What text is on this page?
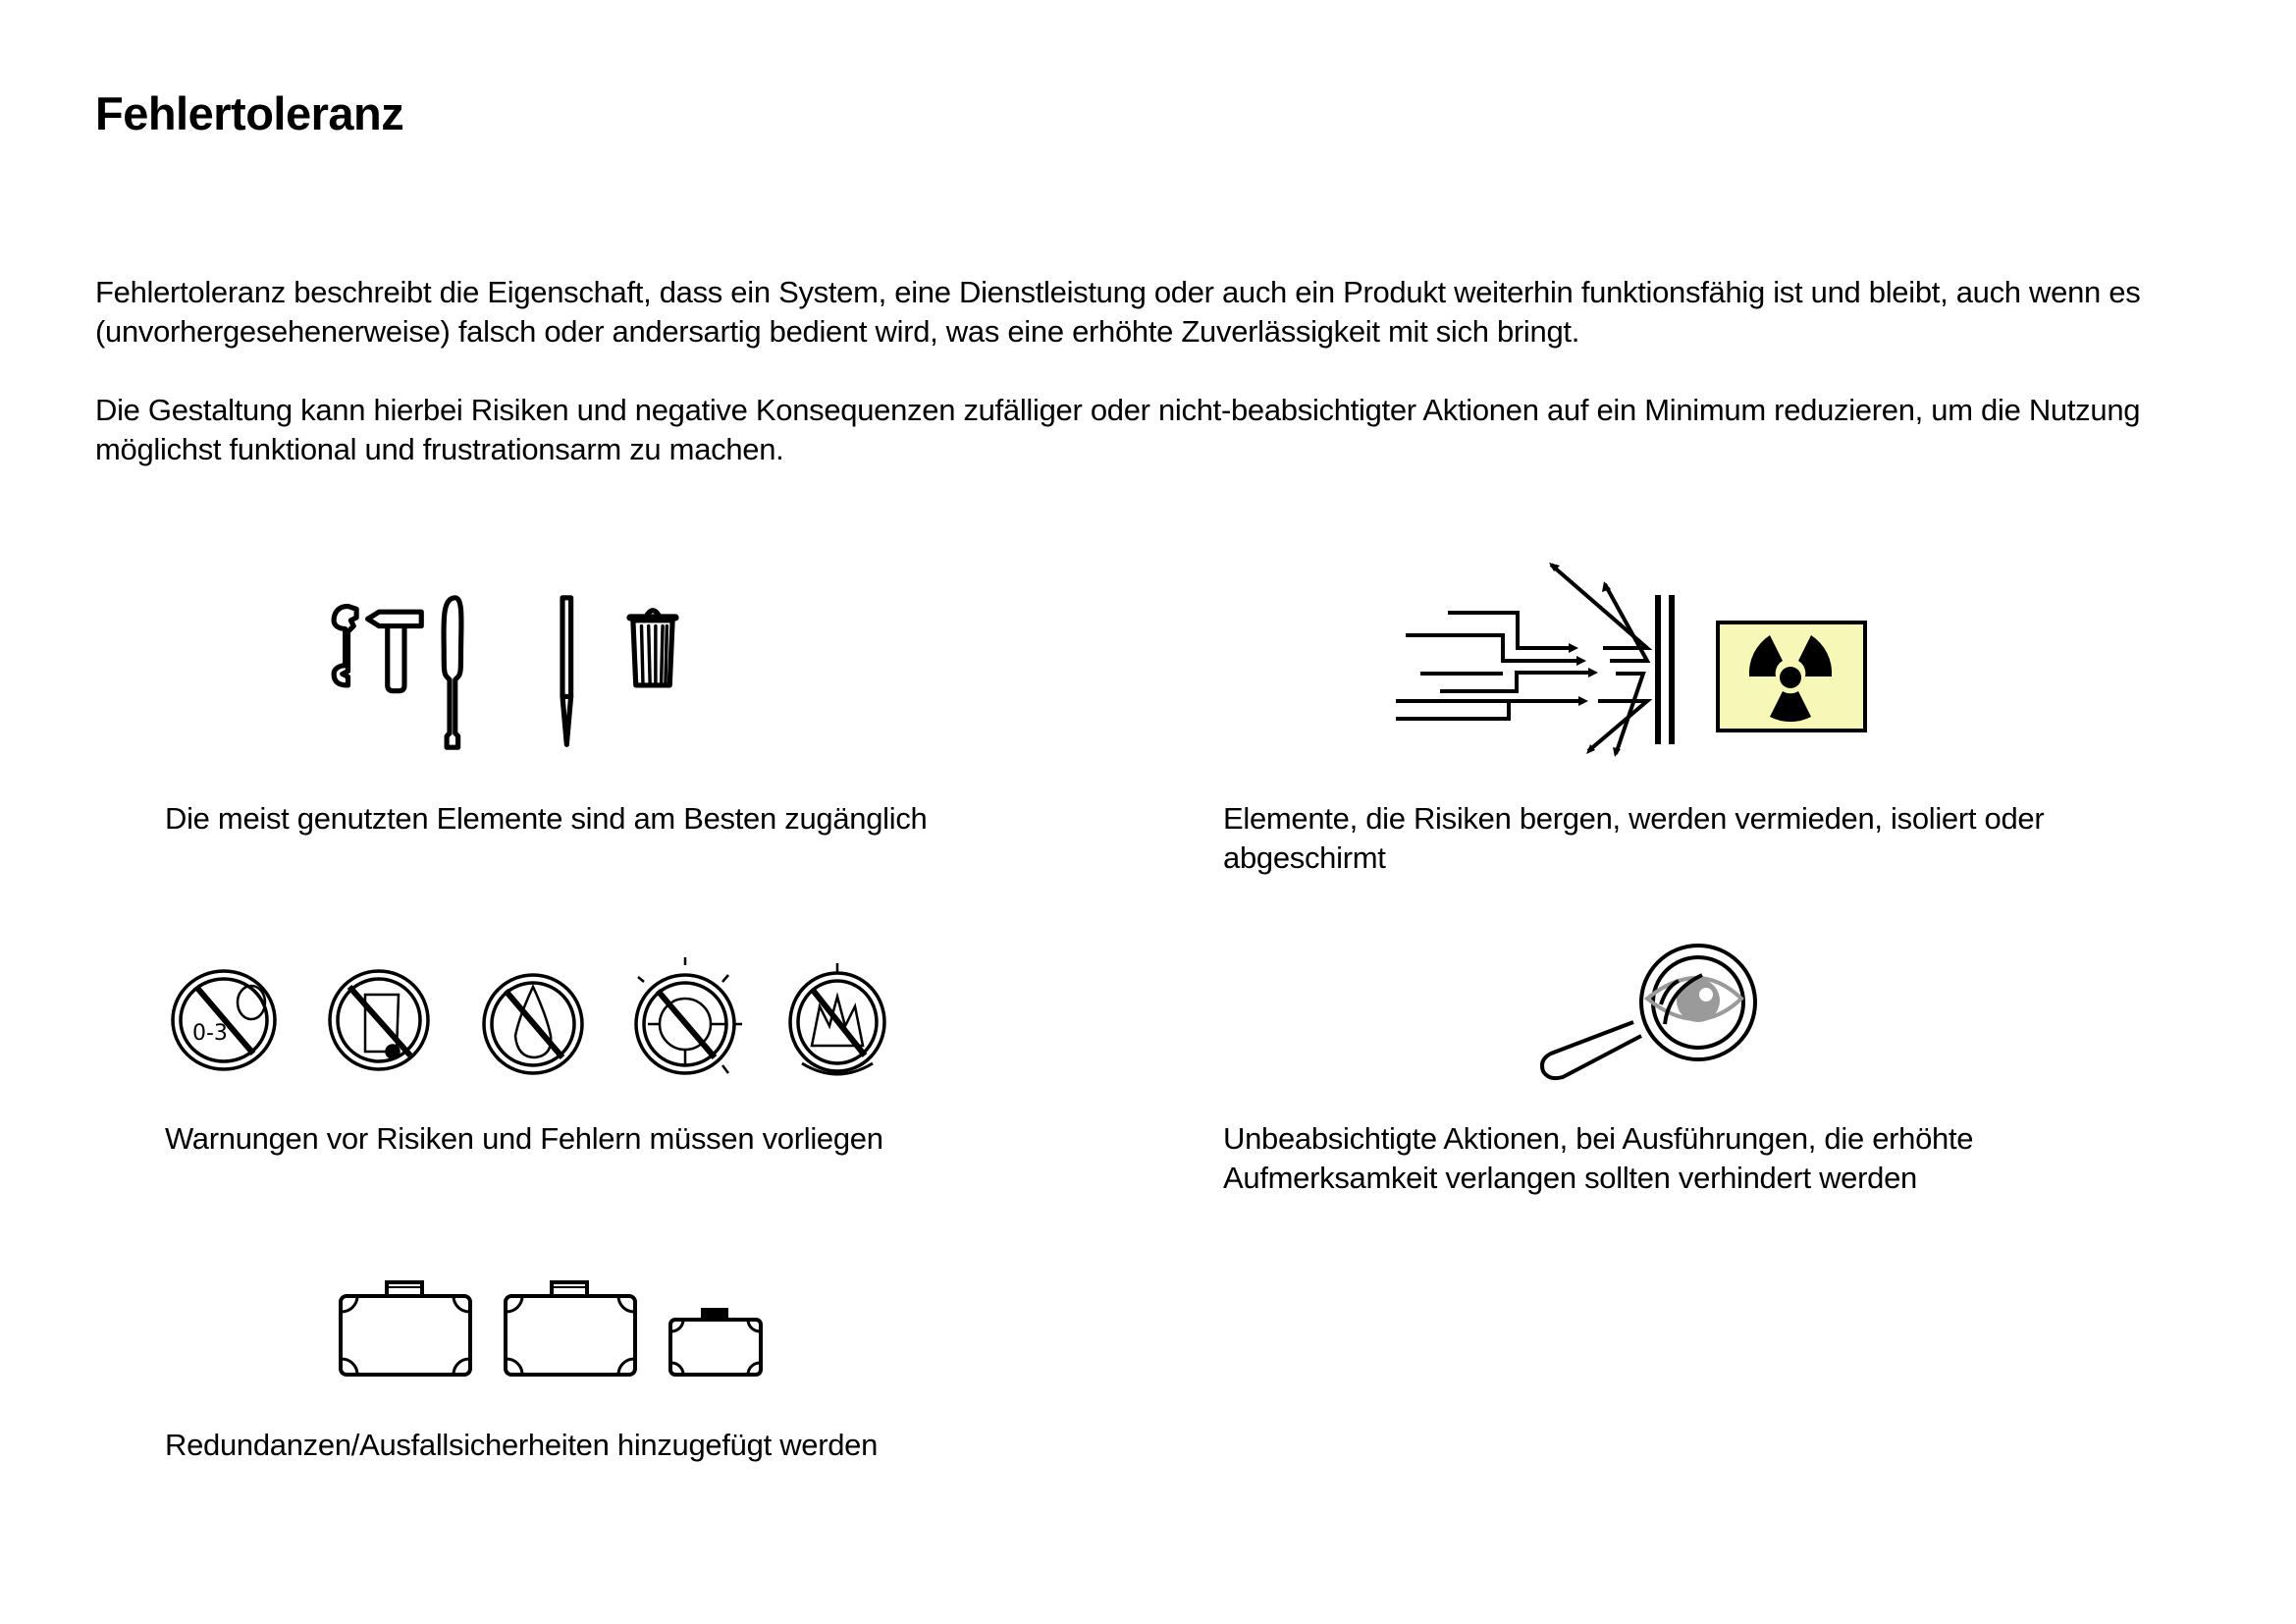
Fehlertoleranz

Fehlertoleranz beschreibt die Eigenschaft, dass ein System, eine Dienstleistung oder auch ein Produkt weiterhin funktionsfähig ist und bleibt, auch wenn es (unvorhergesehenerweise) falsch oder andersartig bedient wird, was eine erhöhte Zuverlässigkeit mit sich bringt.

Die Gestaltung kann hierbei Risiken und negative Konsequenzen zufälliger oder nicht-beabsichtigter Aktionen auf ein Minimum reduzieren, um die Nutzung möglichst funktional und frustrationsarm zu machen.

Die meist genutzten Elemente sind am Besten zugänglich	Elemente, die Risiken bergen, werden vermieden, isoliert oder abgeschirmt

0-3

Warnungen vor Risiken und Fehlern müssen vorliegen	Unbeabsichtigte Aktionen, bei Ausführungen, die erhöhte Aufmerksamkeit verlangen sollten verhindert werden

Redundanzen/Ausfallsicherheiten hinzugefügt werden
